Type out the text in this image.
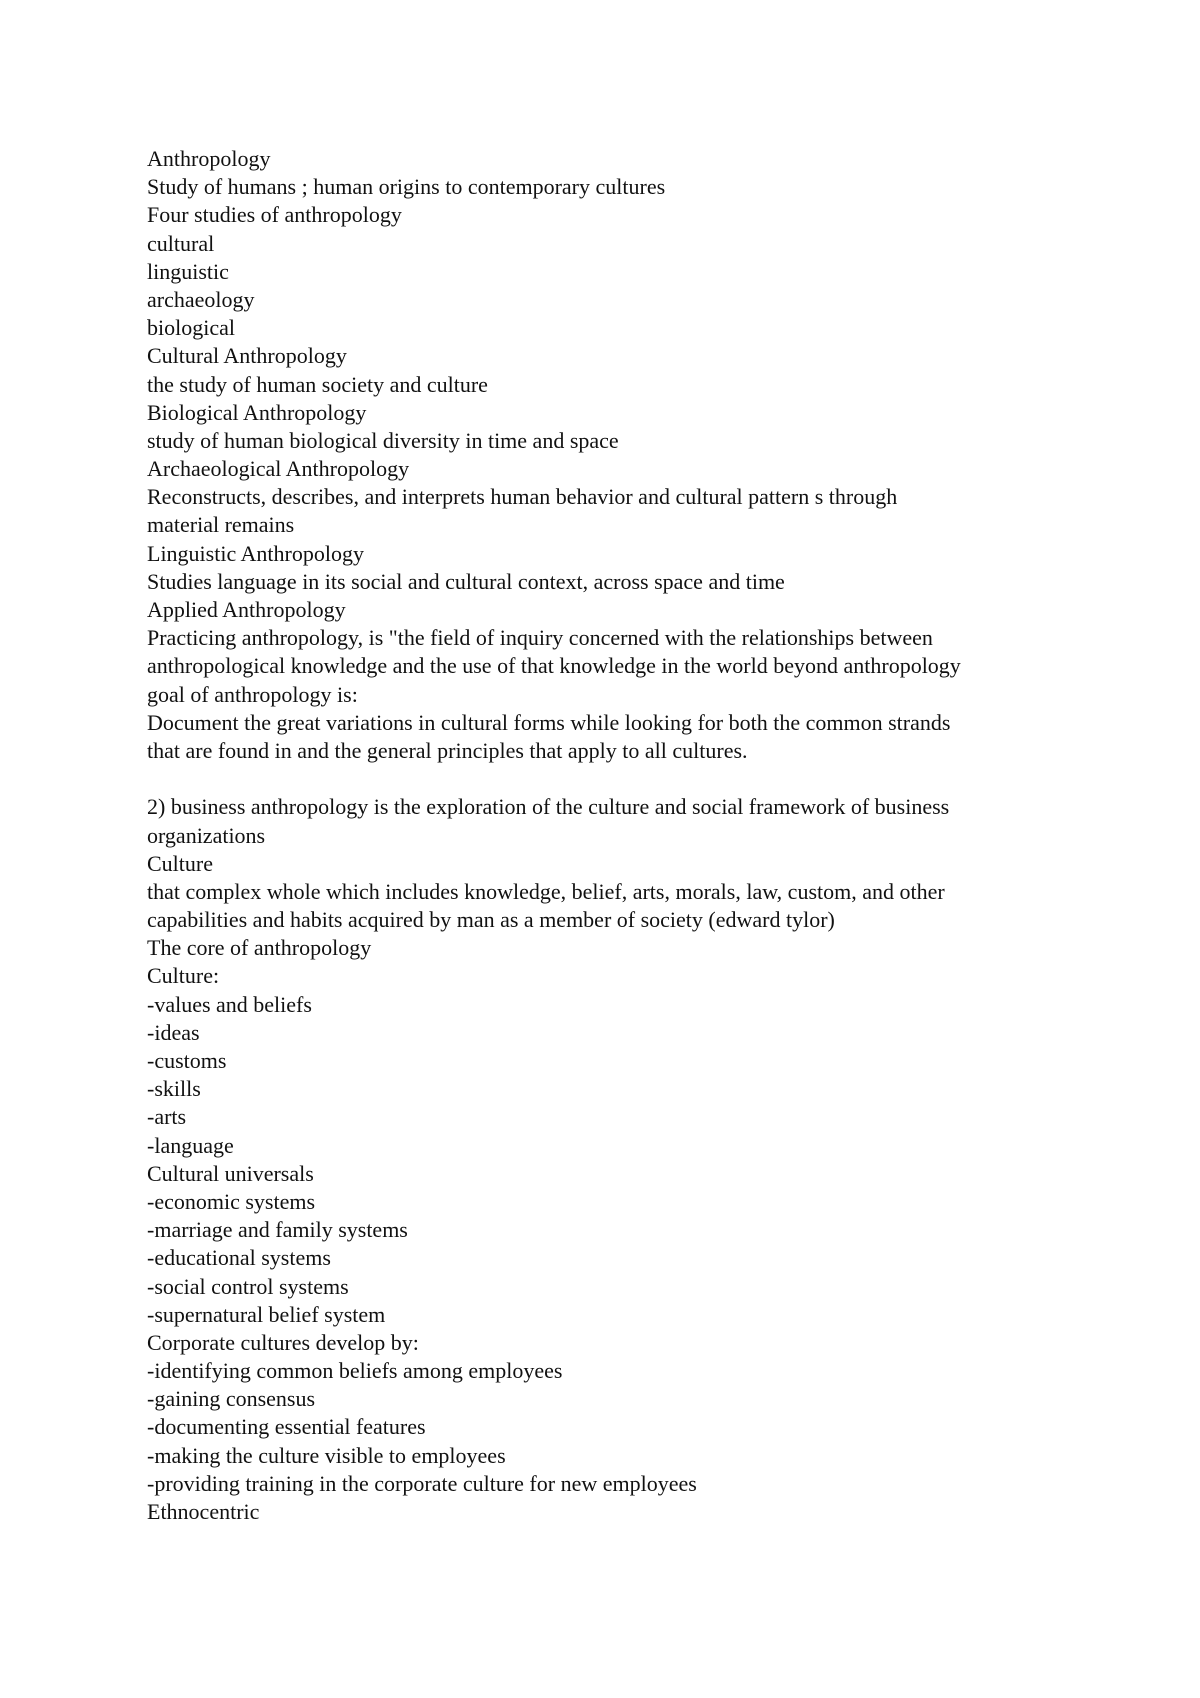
Anthropology
Study of humans ; human origins to contemporary cultures
Four studies of anthropology
cultural
linguistic
archaeology
biological
Cultural Anthropology
the study of human society and culture
Biological Anthropology
study of human biological diversity in time and space
Archaeological Anthropology
Reconstructs, describes, and interprets human behavior and cultural pattern s through
material remains
Linguistic Anthropology
Studies language in its social and cultural context, across space and time
Applied Anthropology
Practicing anthropology, is "the field of inquiry concerned with the relationships between
anthropological knowledge and the use of that knowledge in the world beyond anthropology
goal of anthropology is:
Document the great variations in cultural forms while looking for both the common strands
that are found in and the general principles that apply to all cultures.
2) business anthropology is the exploration of the culture and social framework of business
organizations
Culture
that complex whole which includes knowledge, belief, arts, morals, law, custom, and other
capabilities and habits acquired by man as a member of society (edward tylor)
The core of anthropology
Culture:
-values and beliefs
-ideas
-customs
-skills
-arts
-language
Cultural universals
-economic systems
-marriage and family systems
-educational systems
-social control systems
-supernatural belief system
Corporate cultures develop by:
-identifying common beliefs among employees
-gaining consensus
-documenting essential features
-making the culture visible to employees
-providing training in the corporate culture for new employees
Ethnocentric
